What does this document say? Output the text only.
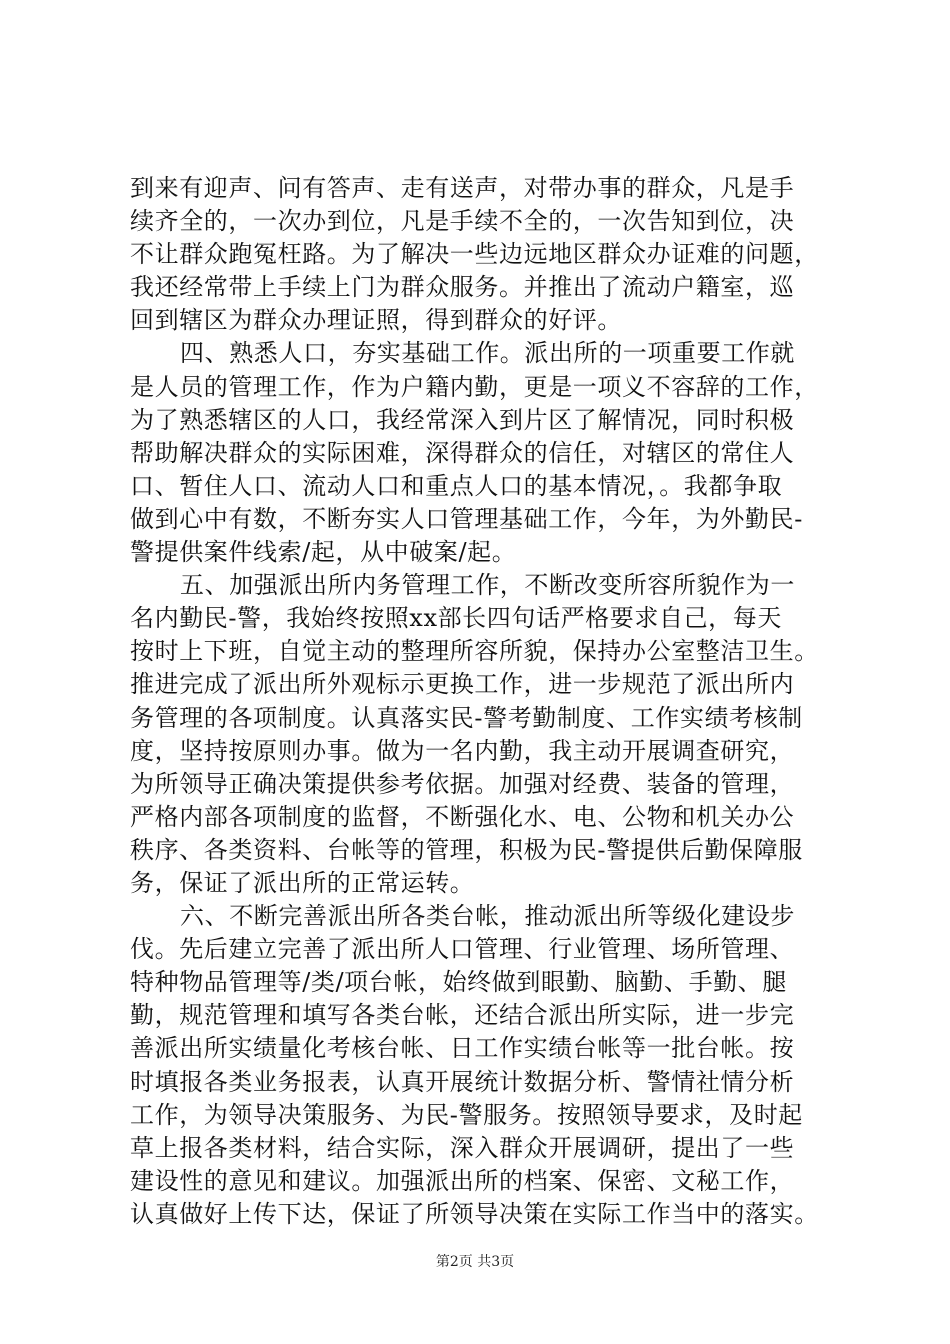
到来有迎声、问有答声、走有送声，对带办事的群众，凡是手
续齐全的，一次办到位，凡是手续不全的，一次告知到位，决
不让群众跑冤枉路。为了解决一些边远地区群众办证难的问题，
我还经常带上手续上门为群众服务。并推出了流动户籍室，巡
回到辖区为群众办理证照，得到群众的好评。
四、熟悉人口，夯实基础工作。派出所的一项重要工作就
是人员的管理工作，作为户籍内勤，更是一项义不容辞的工作，
为了熟悉辖区的人口，我经常深入到片区了解情况，同时积极
帮助解决群众的实际困难，深得群众的信任，对辖区的常住人
口、暂住人口、流动人口和重点人口的基本情况，。我都争取
做到心中有数，不断夯实人口管理基础工作，今年，为外勤民-
警提供案件线索/起，从中破案/起。
五、加强派出所内务管理工作，不断改变所容所貌作为一
名内勤民-警，我始终按照xx部长四句话严格要求自己，每天
按时上下班，自觉主动的整理所容所貌，保持办公室整洁卫生。
推进完成了派出所外观标示更换工作，进一步规范了派出所内
务管理的各项制度。认真落实民-警考勤制度、工作实绩考核制
度，坚持按原则办事。做为一名内勤，我主动开展调查研究，
为所领导正确决策提供参考依据。加强对经费、装备的管理，
严格内部各项制度的监督，不断强化水、电、公物和机关办公
秩序、各类资料、台帐等的管理，积极为民-警提供后勤保障服
务，保证了派出所的正常运转。
六、不断完善派出所各类台帐，推动派出所等级化建设步
伐。先后建立完善了派出所人口管理、行业管理、场所管理、
特种物品管理等/类/项台帐，始终做到眼勤、脑勤、手勤、腿
勤，规范管理和填写各类台帐，还结合派出所实际，进一步完
善派出所实绩量化考核台帐、日工作实绩台帐等一批台帐。按
时填报各类业务报表，认真开展统计数据分析、警情社情分析
工作，为领导决策服务、为民-警服务。按照领导要求，及时起
草上报各类材料，结合实际，深入群众开展调研，提出了一些
建设性的意见和建议。加强派出所的档案、保密、文秘工作，
认真做好上传下达，保证了所领导决策在实际工作当中的落实。
第2页 共3页
